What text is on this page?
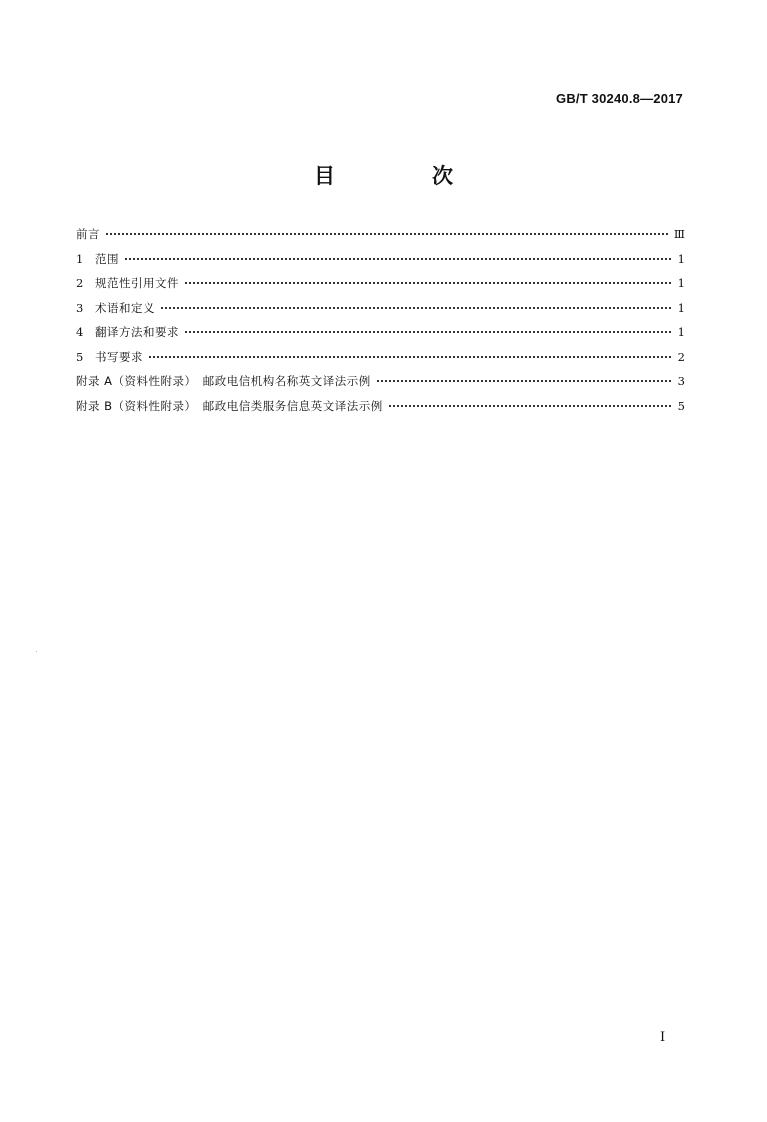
GB/T 30240.8—2017
目　次
前言	Ⅲ
1	范围	1
2	规范性引用文件	1
3	术语和定义	1
4	翻译方法和要求	1
5	书写要求	2
附录 A（资料性附录）　邮政电信机构名称英文译法示例	3
附录 B（资料性附录）　邮政电信类服务信息英文译法示例	5
I
